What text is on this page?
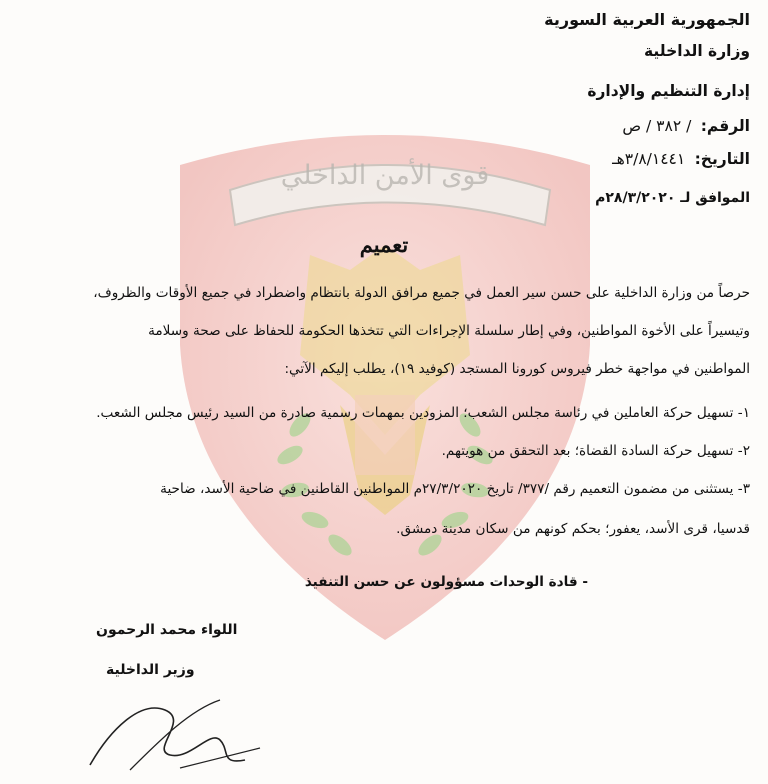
قوى الأمن الداخلي
الجمهورية العربية السورية
وزارة الداخلية
إدارة التنظيم والإدارة
الرقم: / ٣٨٢ / ص
التاريخ: ٣/٨/١٤٤١هـ
الموافق لـ ٢٨/٣/٢٠٢٠م
تعميم
حرصاً من وزارة الداخلية على حسن سير العمل في جميع مرافق الدولة بانتظام واضطراد في جميع الأوقات والظروف،
وتيسيراً على الأخوة المواطنين، وفي إطار سلسلة الإجراءات التي تتخذها الحكومة للحفاظ على صحة وسلامة
المواطنين في مواجهة خطر فيروس كورونا المستجد (كوفيد ١٩)، يطلب إليكم الآتي:
١- تسهيل حركة العاملين في رئاسة مجلس الشعب؛ المزودين بمهمات رسمية صادرة من السيد رئيس مجلس الشعب.
٢- تسهيل حركة السادة القضاة؛ بعد التحقق من هويتهم.
٣- يستثنى من مضمون التعميم رقم /٣٧٧/ تاريخ ٢٧/٣/٢٠٢٠م المواطنين القاطنين في ضاحية الأسد، ضاحية
قدسيا، قرى الأسد، يعفور؛ بحكم كونهم من سكان مدينة دمشق.
- قادة الوحدات مسؤولون عن حسن التنفيذ
اللواء محمد الرحمون
وزير الداخلية
